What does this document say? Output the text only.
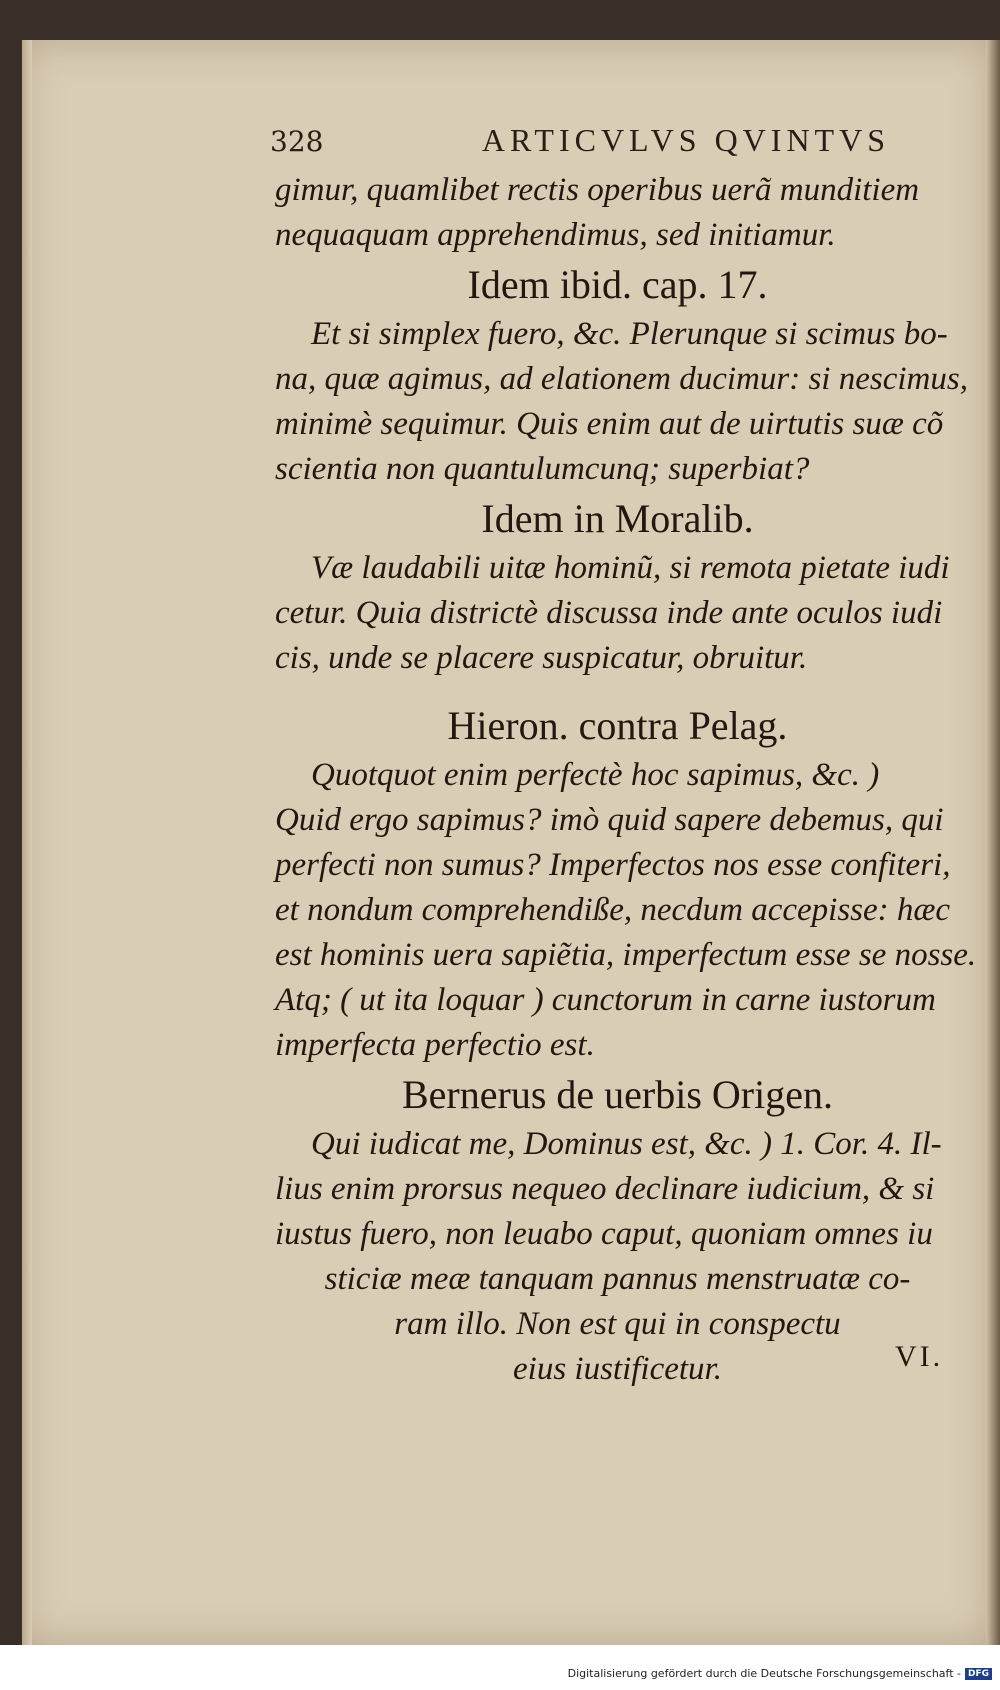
328	ARTICVLVS QVINTVS
gimur, quamlibet rectis operibus uerã munditiem
nequaquam apprehendimus, sed initiamur.
Idem ibid. cap. 17.
Et si simplex fuero, &c. Plerunque si scimus bo-
na, quæ agimus, ad elationem ducimur: si nescimus,
minimè sequimur. Quis enim aut de uirtutis suæ cõ
scientia non quantulumcunq; superbiat?
Idem in Moralib.
Væ laudabili uitæ hominũ, si remota pietate iudi
cetur. Quia districtè discussa inde ante oculos iudi
cis, unde se placere suspicatur, obruitur.
Hieron. contra Pelag.
Quotquot enim perfectè hoc sapimus, &c. )
Quid ergo sapimus? imò quid sapere debemus, qui
perfecti non sumus? Imperfectos nos esse confiteri,
et nondum comprehendiße, necdum accepisse: hæc
est hominis uera sapiẽtia, imperfectum esse se nosse.
Atq; ( ut ita loquar ) cunctorum in carne iustorum
imperfecta perfectio est.
Bernerus de uerbis Origen.
Qui iudicat me, Dominus est, &c. ) 1. Cor. 4. Il-
lius enim prorsus nequeo declinare iudicium, & si
iustus fuero, non leuabo caput, quoniam omnes iu
sticiæ meæ tanquam pannus menstruatæ co-
ram illo. Non est qui in conspectu
eius iustificetur.	VI.
Digitalisierung gefördert durch die Deutsche Forschungsgemeinschaft - DFG
